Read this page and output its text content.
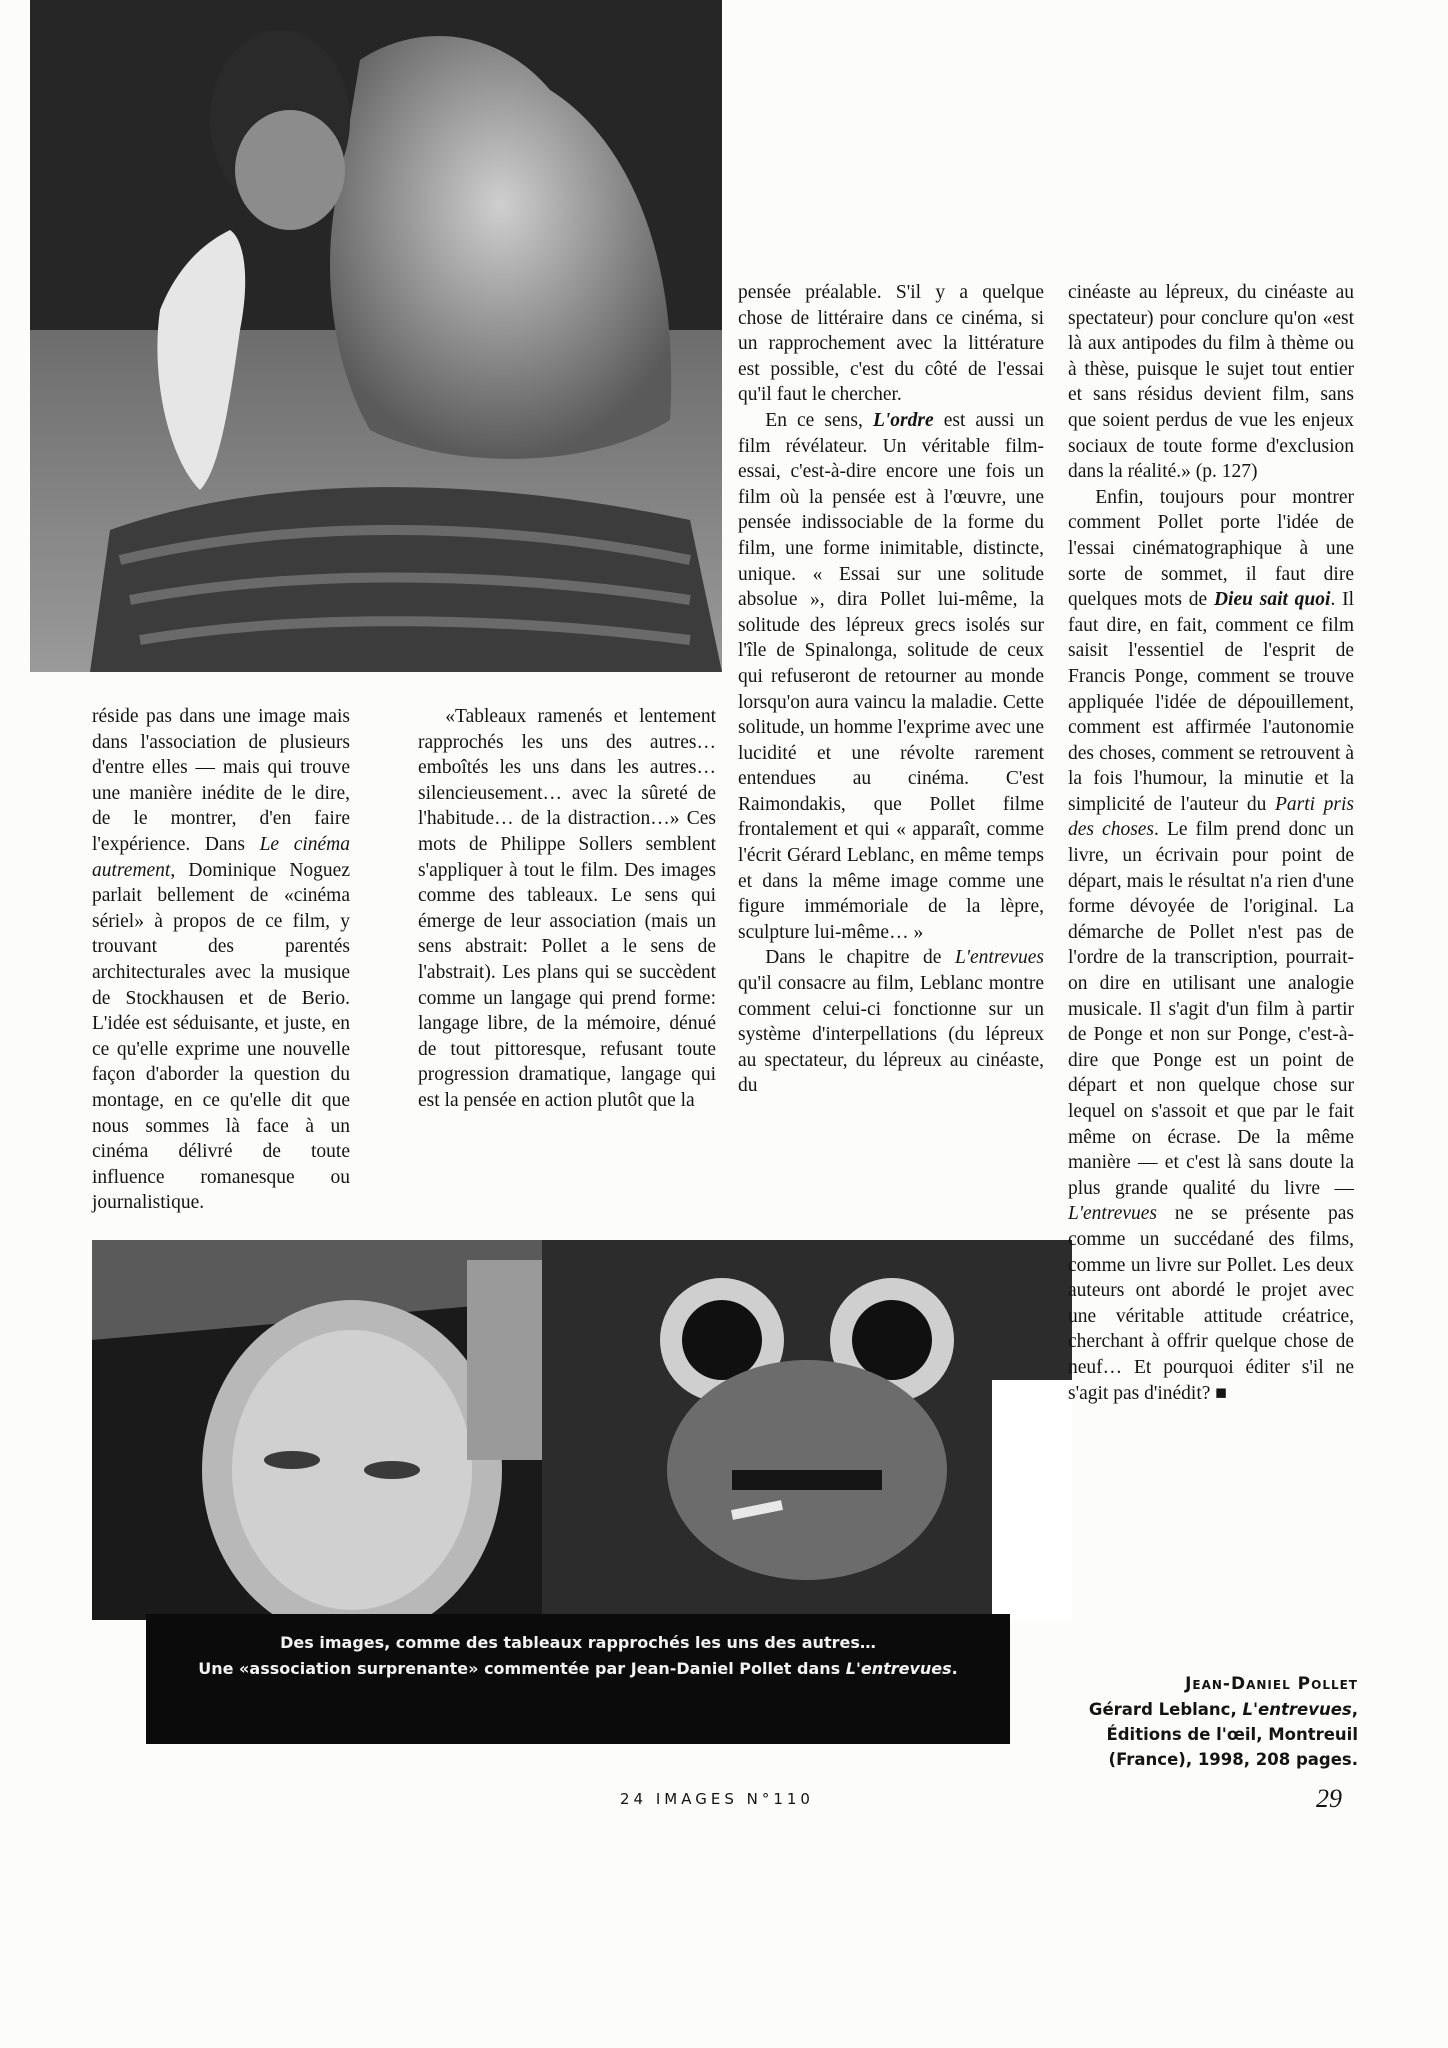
réside pas dans une image mais dans l'association de plusieurs d'entre elles — mais qui trouve une manière inédite de le dire, de le montrer, d'en faire l'expérience. Dans Le cinéma autrement, Dominique Noguez parlait bellement de «cinéma sériel» à propos de ce film, y trouvant des parentés architecturales avec la musique de Stockhausen et de Berio. L'idée est séduisante, et juste, en ce qu'elle exprime une nouvelle façon d'aborder la question du montage, en ce qu'elle dit que nous sommes là face à un cinéma délivré de toute influence romanesque ou journalistique.

«Tableaux ramenés et lentement rapprochés les uns des autres… emboîtés les uns dans les autres… silencieusement… avec la sûreté de l'habitude… de la distraction…» Ces mots de Philippe Sollers semblent s'appliquer à tout le film. Des images comme des tableaux. Le sens qui émerge de leur association (mais un sens abstrait: Pollet a le sens de l'abstrait). Les plans qui se succèdent comme un langage qui prend forme: langage libre, de la mémoire, dénué de tout pittoresque, refusant toute progression dramatique, langage qui est la pensée en action plutôt que la

pensée préalable. S'il y a quelque chose de littéraire dans ce cinéma, si un rapprochement avec la littérature est possible, c'est du côté de l'essai qu'il faut le chercher.

En ce sens, L'ordre est aussi un film révélateur. Un véritable film-essai, c'est-à-dire encore une fois un film où la pensée est à l'œuvre, une pensée indissociable de la forme du film, une forme inimitable, distincte, unique. « Essai sur une solitude absolue », dira Pollet lui-même, la solitude des lépreux grecs isolés sur l'île de Spinalonga, solitude de ceux qui refuseront de retourner au monde lorsqu'on aura vaincu la maladie. Cette solitude, un homme l'exprime avec une lucidité et une révolte rarement entendues au cinéma. C'est Raimondakis, que Pollet filme frontalement et qui « apparaît, comme l'écrit Gérard Leblanc, en même temps et dans la même image comme une figure immémoriale de la lèpre, sculpture lui-même… »

Dans le chapitre de L'entrevues qu'il consacre au film, Leblanc montre comment celui-ci fonctionne sur un système d'interpellations (du lépreux au spectateur, du lépreux au cinéaste, du

cinéaste au lépreux, du cinéaste au spectateur) pour conclure qu'on «est là aux antipodes du film à thème ou à thèse, puisque le sujet tout entier et sans résidus devient film, sans que soient perdus de vue les enjeux sociaux de toute forme d'exclusion dans la réalité.» (p. 127)

Enfin, toujours pour montrer comment Pollet porte l'idée de l'essai cinématographique à une sorte de sommet, il faut dire quelques mots de Dieu sait quoi. Il faut dire, en fait, comment ce film saisit l'essentiel de l'esprit de Francis Ponge, comment se trouve appliquée l'idée de dépouillement, comment est affirmée l'autonomie des choses, comment se retrouvent à la fois l'humour, la minutie et la simplicité de l'auteur du Parti pris des choses. Le film prend donc un livre, un écrivain pour point de départ, mais le résultat n'a rien d'une forme dévoyée de l'original. La démarche de Pollet n'est pas de l'ordre de la transcription, pourrait-on dire en utilisant une analogie musicale. Il s'agit d'un film à partir de Ponge et non sur Ponge, c'est-à-dire que Ponge est un point de départ et non quelque chose sur lequel on s'assoit et que par le fait même on écrase. De la même manière — et c'est là sans doute la plus grande qualité du livre — L'entrevues ne se présente pas comme un succédané des films, comme un livre sur Pollet. Les deux auteurs ont abordé le projet avec une véritable attitude créatrice, cherchant à offrir quelque chose de neuf… Et pourquoi éditer s'il ne s'agit pas d'inédit? ■

Des images, comme des tableaux rapprochés les uns des autres…

Une «association surprenante» commentée par Jean-Daniel Pollet dans L'entrevues.

Jean-Daniel Pollet
Gérard Leblanc, L'entrevues,
Éditions de l'œil, Montreuil
(France), 1998, 208 pages.
24 IMAGES N°110	29
